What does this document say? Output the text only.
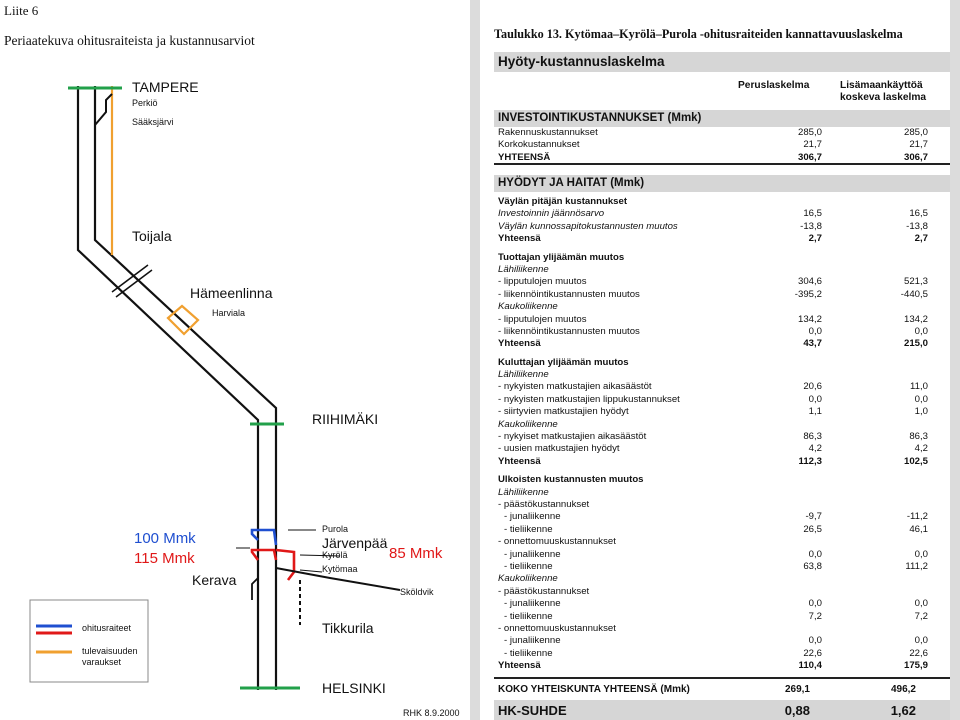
Liite 6
Periaatekuva ohitusraiteista ja kustannusarviot
TAMPERE
Perkiö
Sääksjärvi
Toijala
Hämeenlinna
Harviala
RIIHIMÄKI
Purola
Järvenpää
Kyrölä
Kytömaa
Kerava
Sköldvik
Tikkurila
HELSINKI
100 Mmk
115 Mmk	85 Mmk
ohitusraiteet
tulevaisuuden varaukset
RHK 8.9.2000
Taulukko 13. Kytömaa–Kyrölä–Purola -ohitusraiteiden kannattavuuslaskelma
Hyöty-kustannuslaskelma
Peruslaskelma	Lisämaankäyttöä koskeva laskelma
INVESTOINTIKUSTANNUKSET (Mmk)
Rakennuskustannukset	285,0	285,0
Korkokustannukset	21,7	21,7
YHTEENSÄ	306,7	306,7
HYÖDYT JA HAITAT (Mmk)
Väylän pitäjän kustannukset
Investoinnin jäännösarvo	16,5	16,5
Väylän kunnossapitokustannusten muutos	-13,8	-13,8
Yhteensä	2,7	2,7
Tuottajan ylijäämän muutos
Lähiliikenne
- lipputulojen muutos	304,6	521,3
- liikennöintikustannusten muutos	-395,2	-440,5
Kaukoliikenne
- lipputulojen muutos	134,2	134,2
- liikennöintikustannusten muutos	0,0	0,0
Yhteensä	43,7	215,0
Kuluttajan ylijäämän muutos
Lähiliikenne
- nykyisten matkustajien aikasäästöt	20,6	11,0
- nykyisten matkustajien lippukustannukset	0,0	0,0
- siirtyvien matkustajien hyödyt	1,1	1,0
Kaukoliikenne
- nykyiset matkustajien aikasäästöt	86,3	86,3
- uusien matkustajien hyödyt	4,2	4,2
Yhteensä	112,3	102,5
Ulkoisten kustannusten muutos
Lähiliikenne
- päästökustannukset
- junaliikenne	-9,7	-11,2
- tieliikenne	26,5	46,1
- onnettomuuskustannukset
- junaliikenne	0,0	0,0
- tieliikenne	63,8	111,2
Kaukoliikenne
- päästökustannukset
- junaliikenne	0,0	0,0
- tieliikenne	7,2	7,2
- onnettomuuskustannukset
- junaliikenne	0,0	0,0
- tieliikenne	22,6	22,6
Yhteensä	110,4	175,9
KOKO YHTEISKUNTA YHTEENSÄ (Mmk)	269,1	496,2
HK-SUHDE	0,88	1,62
